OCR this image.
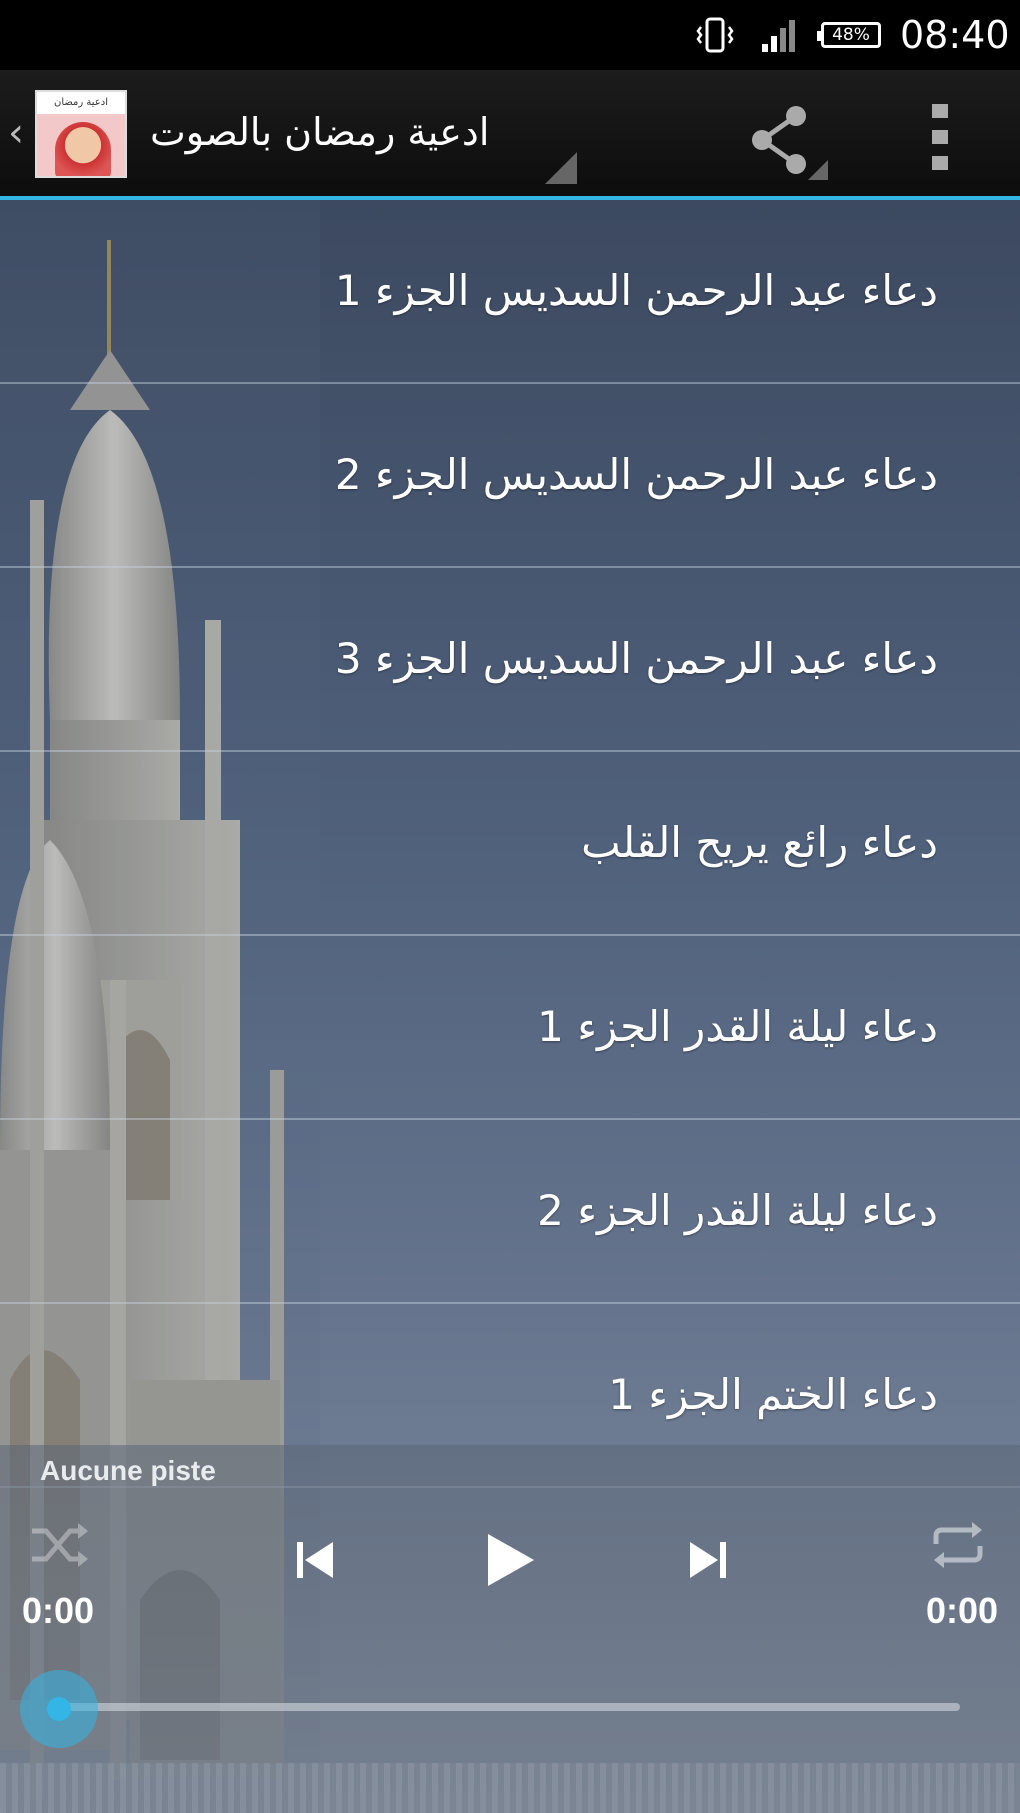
48% 08:40
‹
ادعية رمضان
ادعية رمضان بالصوت
دعاء عبد الرحمن السديس الجزء 1
دعاء عبد الرحمن السديس الجزء 2
دعاء عبد الرحمن السديس الجزء 3
دعاء رائع يريح القلب
دعاء ليلة القدر الجزء 1
دعاء ليلة القدر الجزء 2
دعاء الختم الجزء 1
Aucune piste
0:00	0:00
